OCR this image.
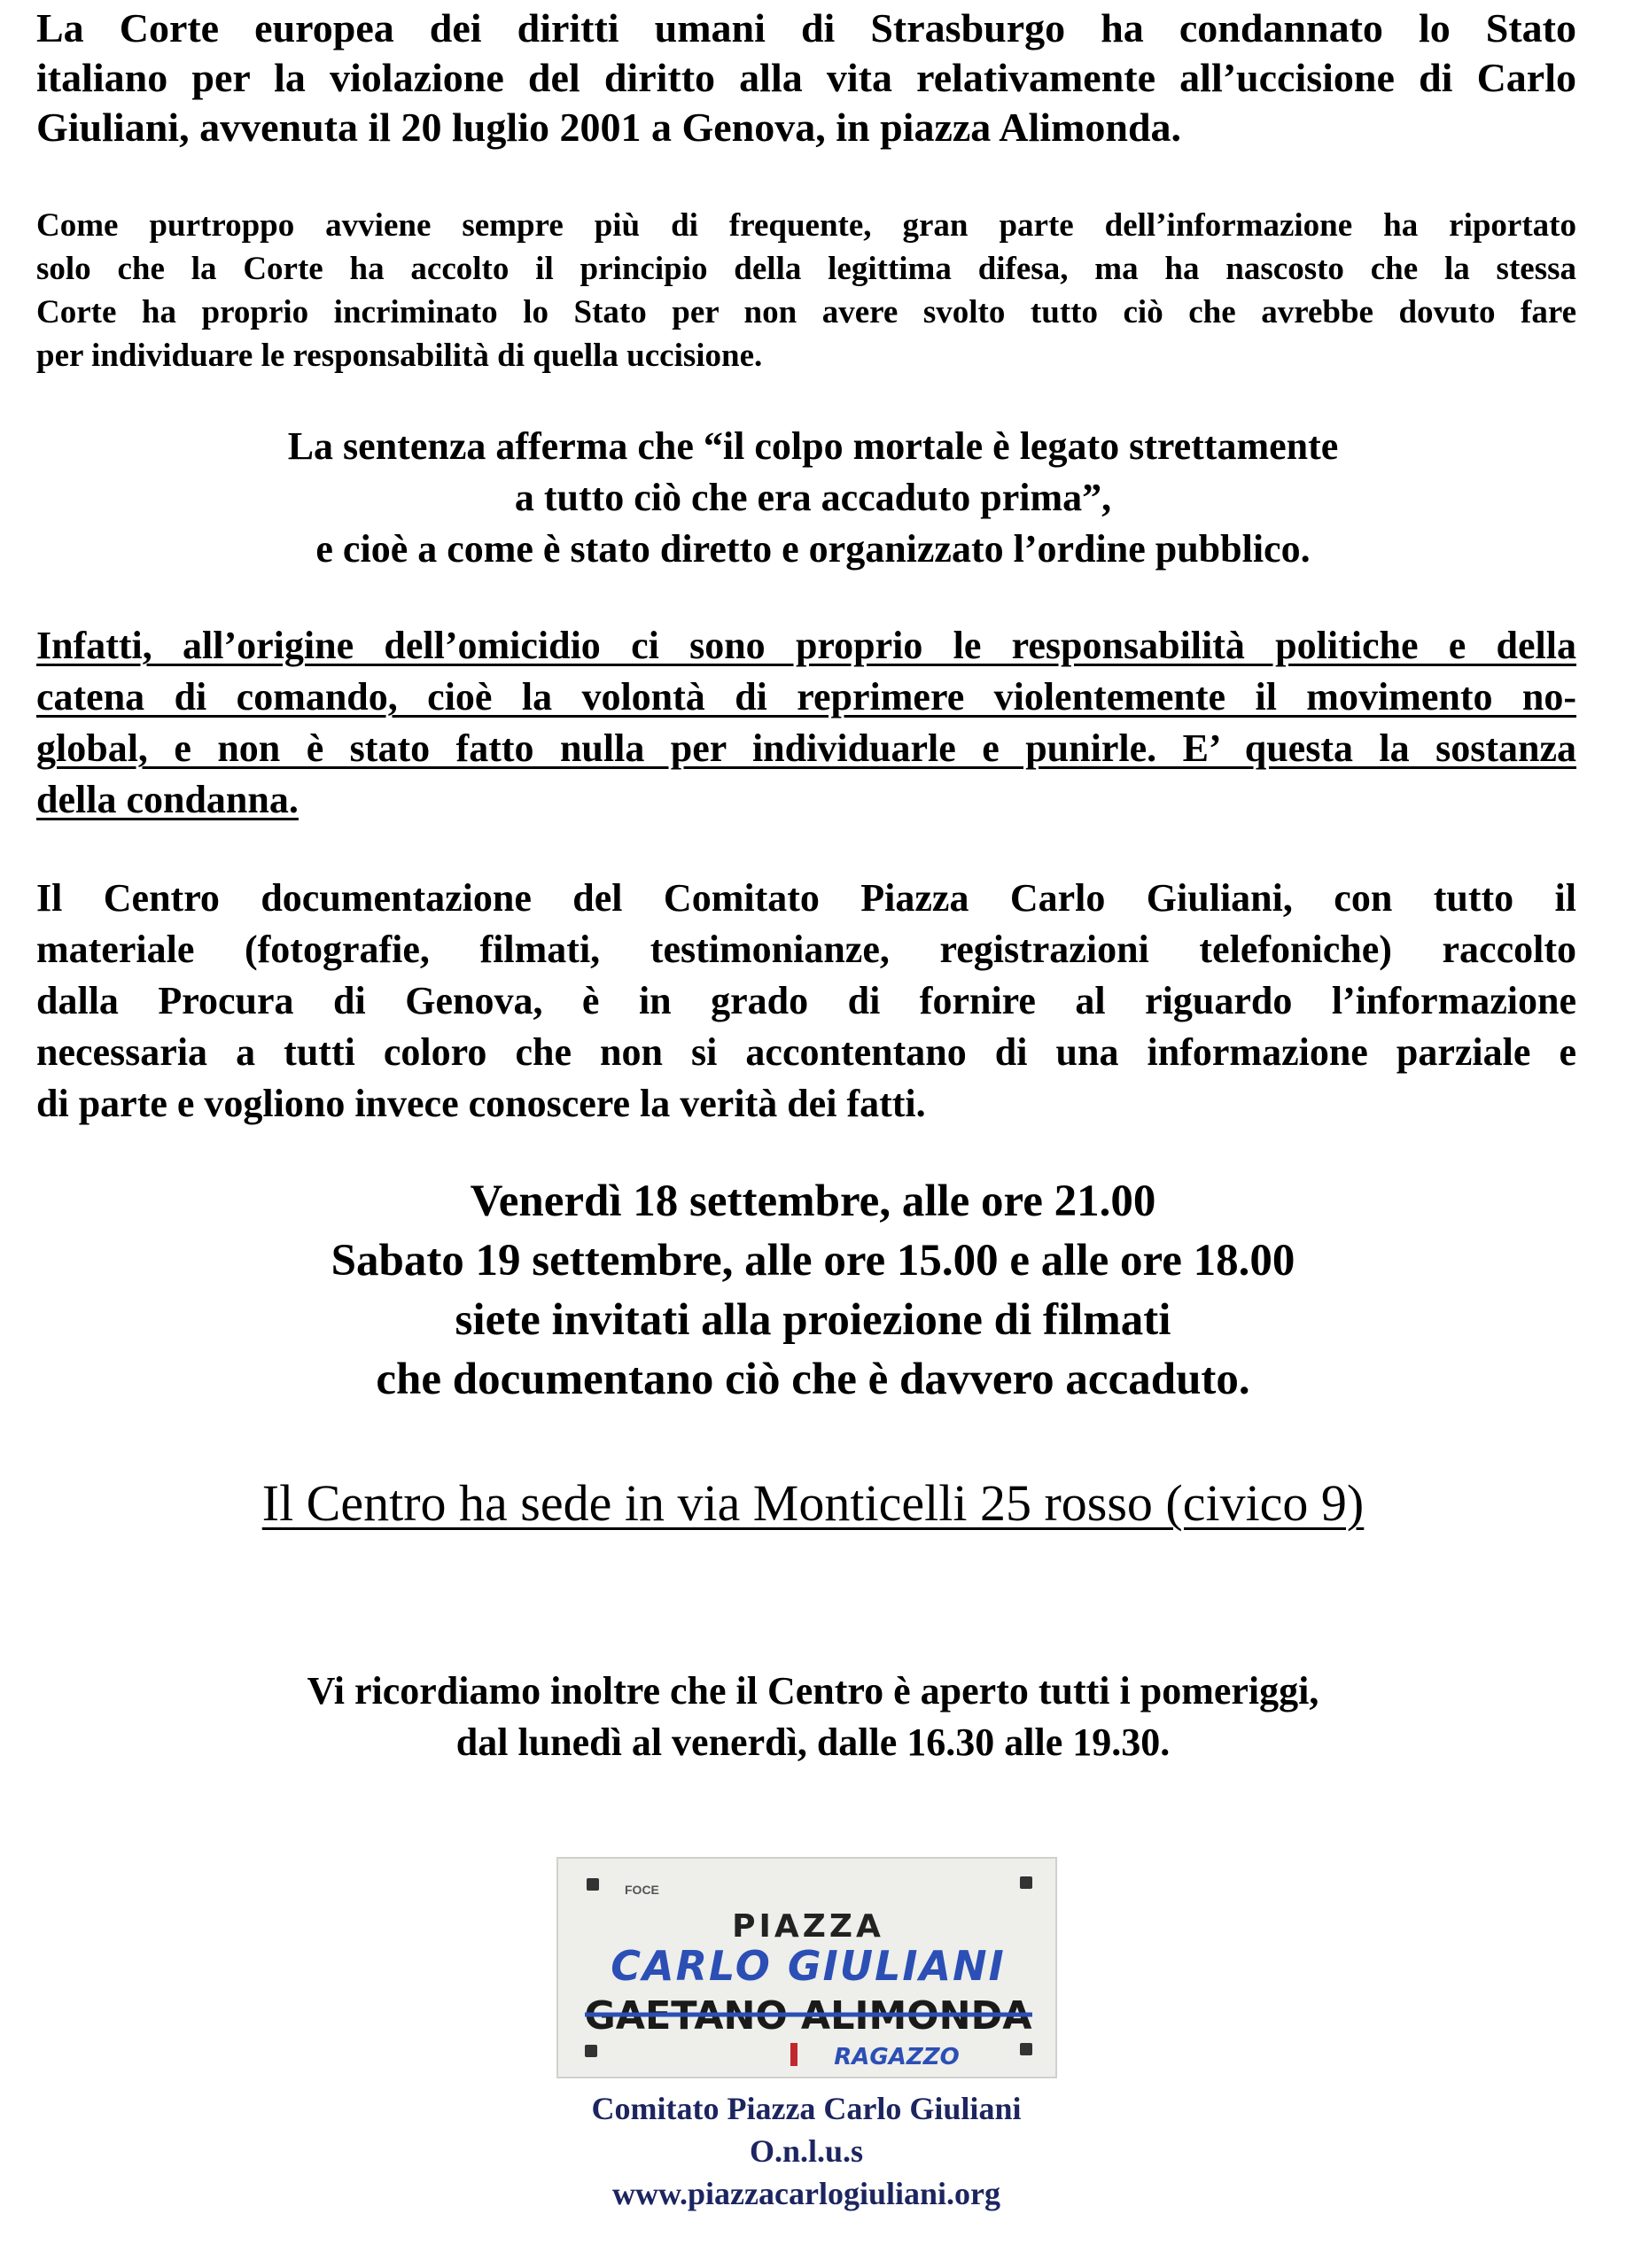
La Corte europea dei diritti umani di Strasburgo ha condannato lo Stato
italiano per la violazione del diritto alla vita relativamente all’uccisione di Carlo
Giuliani, avvenuta il 20 luglio 2001 a Genova, in piazza Alimonda.
Come purtroppo avviene sempre più di frequente, gran parte dell’informazione ha riportato
solo che la Corte ha accolto il principio della legittima difesa, ma ha nascosto che la stessa
Corte ha proprio incriminato lo Stato per non avere svolto tutto ciò che avrebbe dovuto fare
per individuare le responsabilità di quella uccisione.
La sentenza afferma che “il colpo mortale è legato strettamente
a tutto ciò che era accaduto prima”,
e cioè a come è stato diretto e organizzato l’ordine pubblico.
Infatti, all’origine dell’omicidio ci sono proprio le responsabilità politiche e della
catena di comando, cioè la volontà di reprimere violentemente il movimento no-
global, e non è stato fatto nulla per individuarle e punirle. E’ questa la sostanza
della condanna.
Il Centro documentazione del Comitato Piazza Carlo Giuliani, con tutto il
materiale (fotografie, filmati, testimonianze, registrazioni telefoniche) raccolto
dalla Procura di Genova, è in grado di fornire al riguardo l’informazione
necessaria a tutti coloro che non si accontentano di una informazione parziale e
di parte e vogliono invece conoscere la verità dei fatti.
Venerdì 18 settembre, alle ore 21.00
Sabato 19 settembre, alle ore 15.00 e alle ore 18.00
siete invitati alla proiezione di filmati
che documentano ciò che è davvero accaduto.
Il Centro ha sede in via Monticelli 25 rosso (civico 9)
Vi ricordiamo inoltre che il Centro è aperto tutti i pomeriggi,
dal lunedì al venerdì, dalle 16.30 alle 19.30.
FOCE
PIAZZA
CARLO GIULIANI
GAETANO ALIMONDA
RAGAZZO
Comitato Piazza Carlo Giuliani
O.n.l.u.s
www.piazzacarlogiuliani.org
